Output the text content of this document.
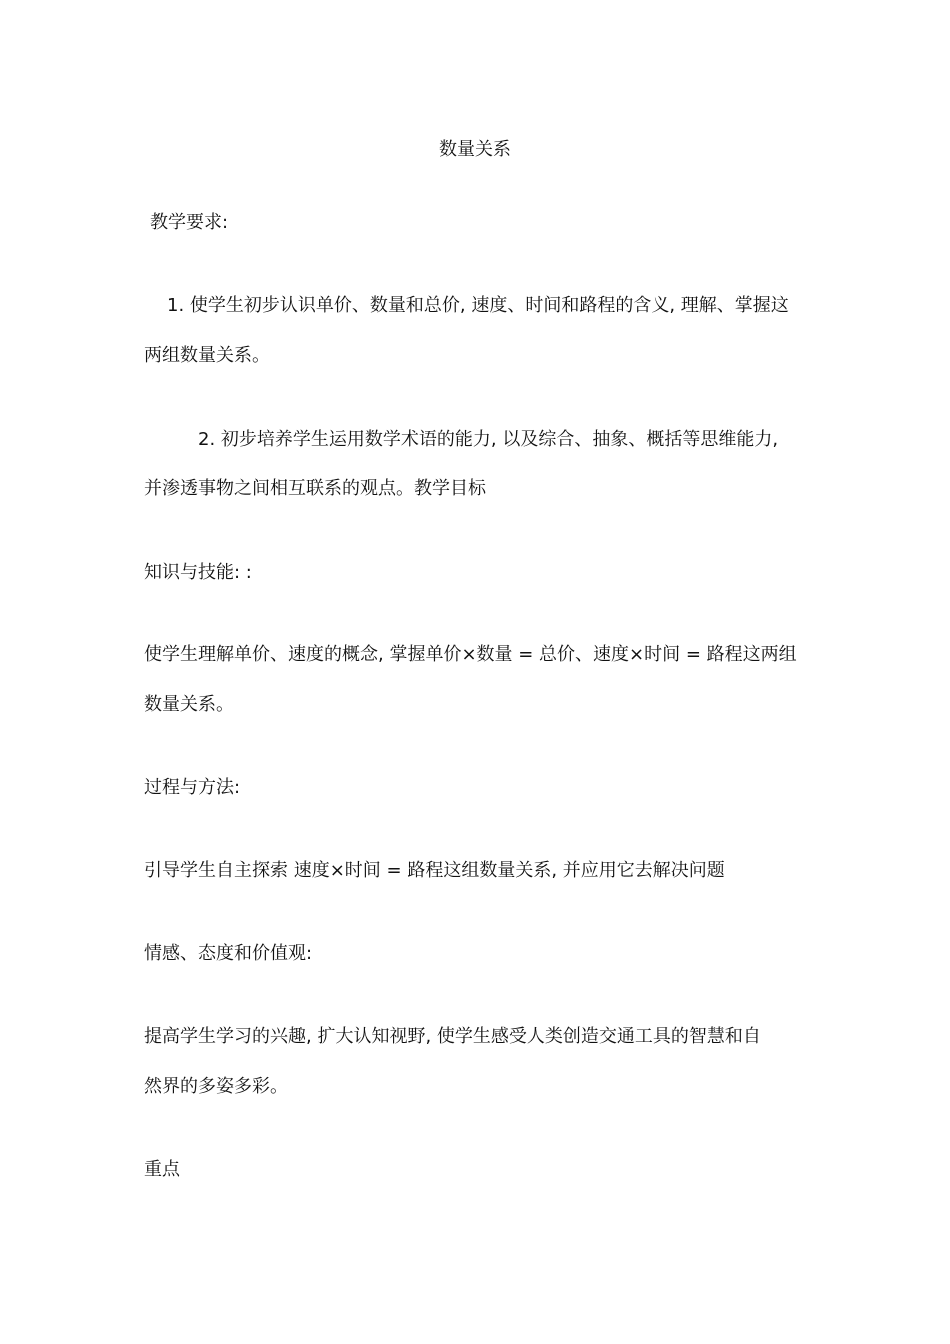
数量关系
教学要求:
1. 使学生初步认识单价、数量和总价, 速度、时间和路程的含义, 理解、掌握这
两组数量关系。
2. 初步培养学生运用数学术语的能力, 以及综合、抽象、概括等思维能力,
并渗透事物之间相互联系的观点。教学目标
知识与技能: :
使学生理解单价、速度的概念, 掌握单价×数量 = 总价、速度×时间 = 路程这两组
数量关系。
过程与方法:
引导学生自主探索 速度×时间 = 路程这组数量关系, 并应用它去解决问题
情感、态度和价值观:
提高学生学习的兴趣, 扩大认知视野, 使学生感受人类创造交通工具的智慧和自
然界的多姿多彩。
重点
